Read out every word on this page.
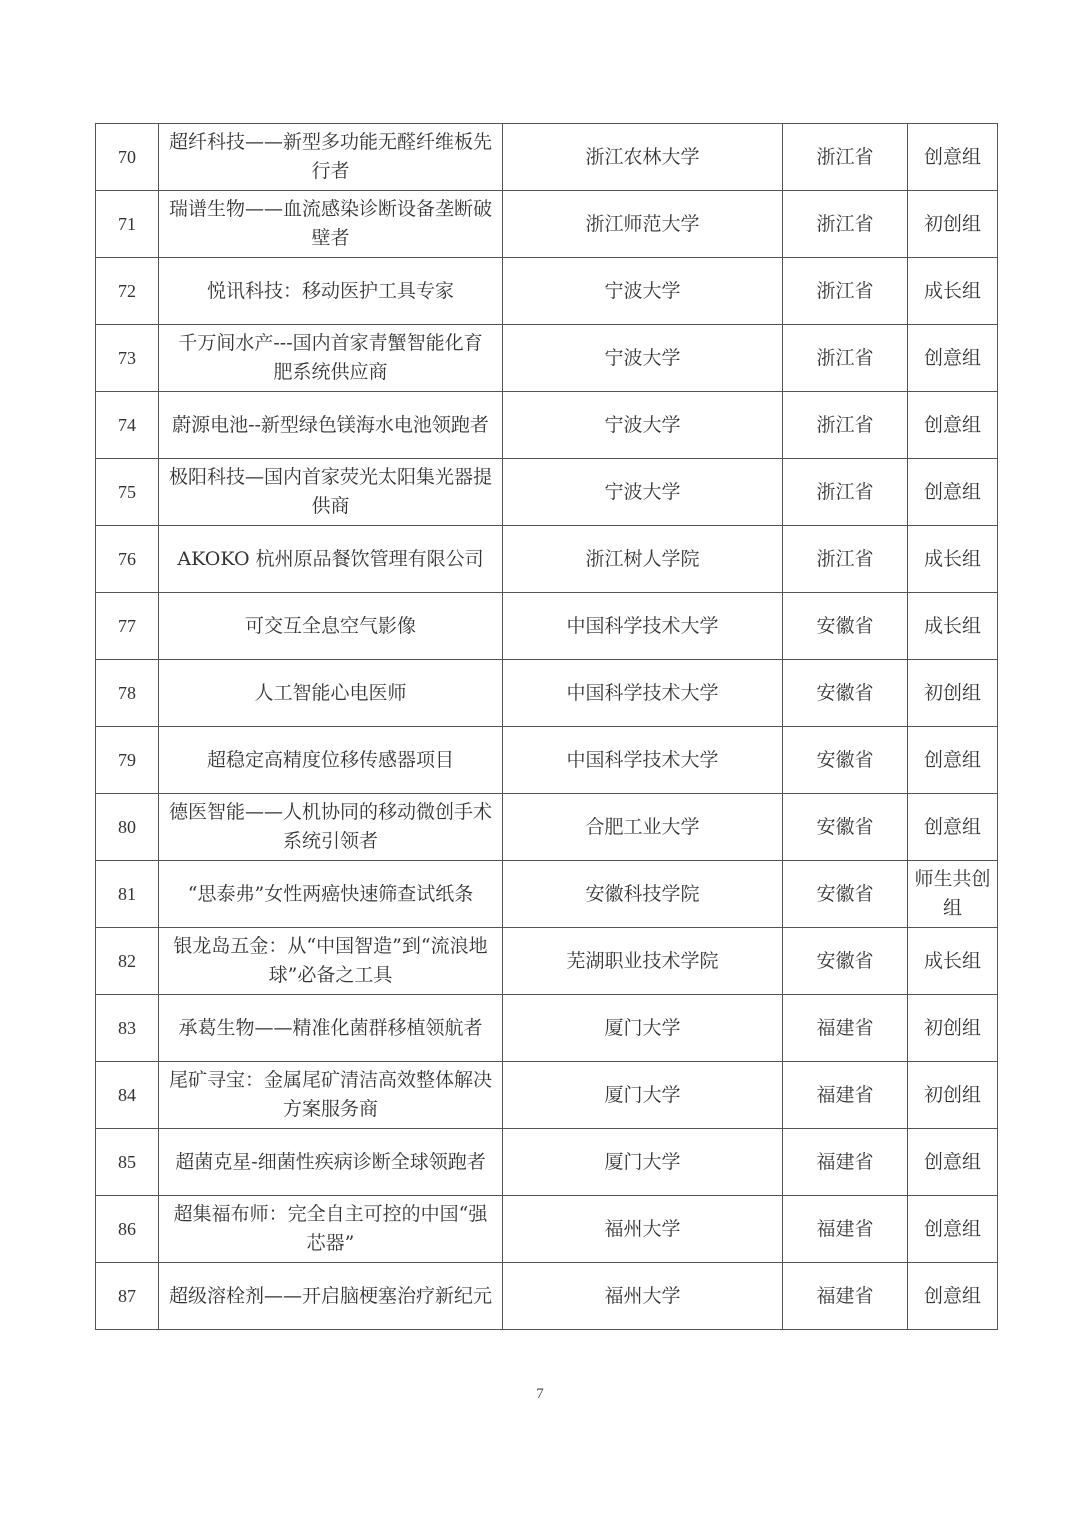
70	超纤科技——新型多功能无醛纤维板先行者	浙江农林大学	浙江省	创意组
71	瑞谱生物——血流感染诊断设备垄断破壁者	浙江师范大学	浙江省	初创组
72	悦讯科技：移动医护工具专家	宁波大学	浙江省	成长组
73	千万间水产---国内首家青蟹智能化育肥系统供应商	宁波大学	浙江省	创意组
74	蔚源电池--新型绿色镁海水电池领跑者	宁波大学	浙江省	创意组
75	极阳科技—国内首家荧光太阳集光器提供商	宁波大学	浙江省	创意组
76	AKOKO 杭州原品餐饮管理有限公司	浙江树人学院	浙江省	成长组
77	可交互全息空气影像	中国科学技术大学	安徽省	成长组
78	人工智能心电医师	中国科学技术大学	安徽省	初创组
79	超稳定高精度位移传感器项目	中国科学技术大学	安徽省	创意组
80	德医智能——人机协同的移动微创手术系统引领者	合肥工业大学	安徽省	创意组
81	“思泰弗”女性两癌快速筛查试纸条	安徽科技学院	安徽省	师生共创组
82	银龙岛五金：从“中国智造”到“流浪地球”必备之工具	芜湖职业技术学院	安徽省	成长组
83	承葛生物——精准化菌群移植领航者	厦门大学	福建省	初创组
84	尾矿寻宝：金属尾矿清洁高效整体解决方案服务商	厦门大学	福建省	初创组
85	超菌克星-细菌性疾病诊断全球领跑者	厦门大学	福建省	创意组
86	超集福布师：完全自主可控的中国“强芯器”	福州大学	福建省	创意组
87	超级溶栓剂——开启脑梗塞治疗新纪元	福州大学	福建省	创意组
7
